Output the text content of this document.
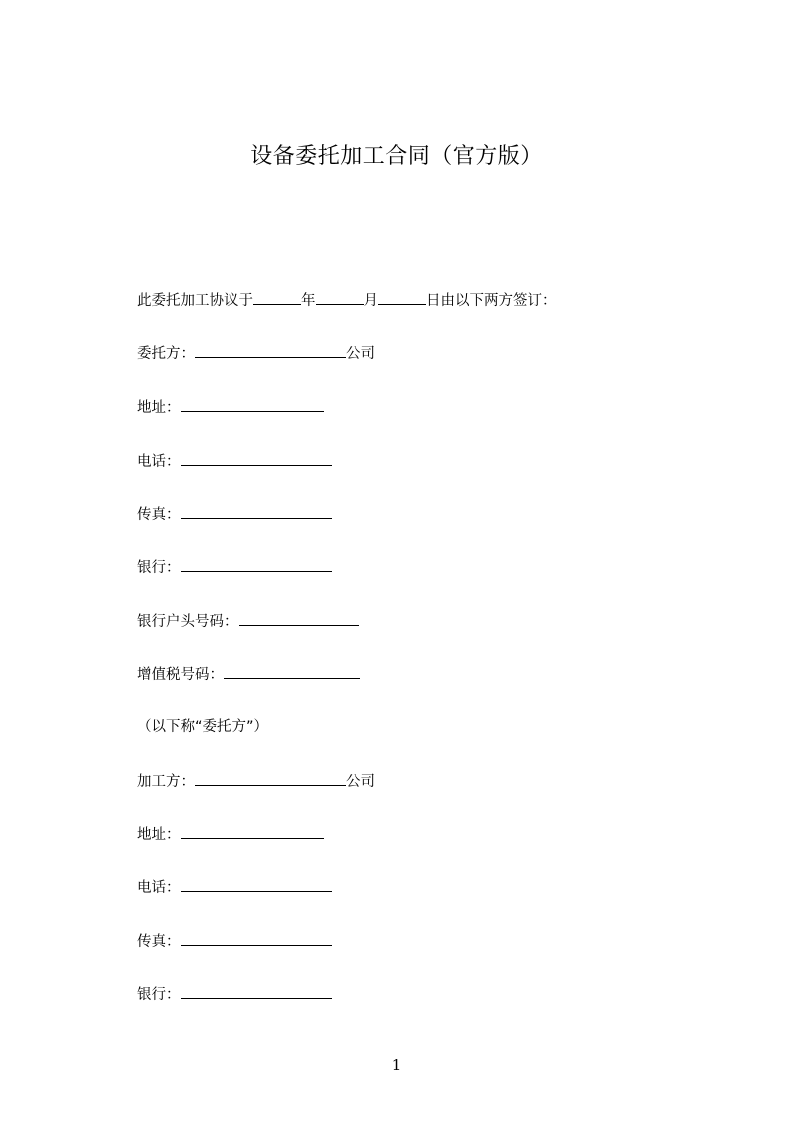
设备委托加工合同（官方版）
此委托加工协议于	年	月	日由以下两方签订：
委托方：	公司
地址：
电话：
传真：
银行：
银行户头号码：
增值税号码：
（以下称“委托方”）
加工方：	公司
地址：
电话：
传真：
银行：
1
